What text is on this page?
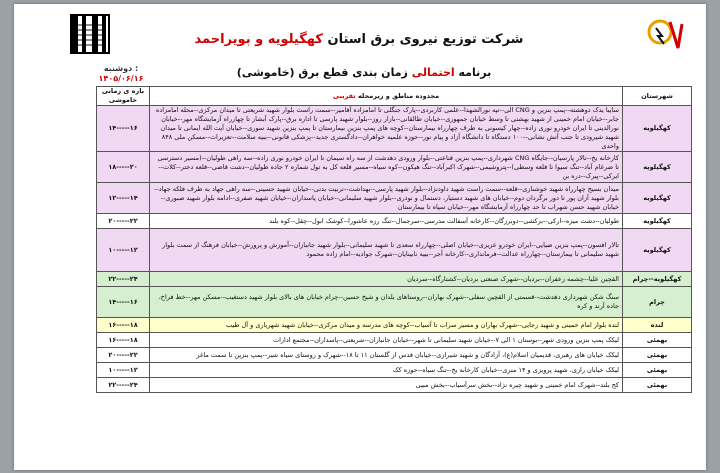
شرکت توزیع نیروی برق استان کهگیلویه و بویراحمد
برنامه احتمالی زمان بندی قطع برق (خاموشی)
دوشنبه :
۱۴۰۵/۰۶/۱۶
شهرستان	محدوده مناطق و زیرمحله تقریبی	بازه ی زمانی خاموشی
کهگیلویه	سایبا یدک دوهشته--پمپ بنزین و CNG الی--تپه نورالشهدا--علمی کاربردی--پارک جنگلی تا امامزاده آقامیر--سمت راست بلوار شهید شریعتی تا میدان مرکزی--محله امامزاده جابر--خیابان امام خمینی از شهید بهشتی تا وسط خیابان جمهوری--خیابان طالقانی--بازار روز--بلوار شهید پارسی تا اداره برق--پارک آبشار تا چهارراه آزمایشگاه مهر--خیابان نورالدینی تا ایران خودرو نوری زاده--چهار کیسونی به طرف چهارراه بیمارستان--کوچه های پمپ بنزین بیمارستان تا پمپ بنزین شهید سوری--خیابان آیت الله ایمانی تا میدان شهید شیرودی تا جنب آتش نشانی--۱۰۰ دستگاه تا دانشگاه آزاد و پیام نور--حوزه علمیه خواهران--دادگستری جدید--پزشکی قانونی--ببیه سلامت--تعزیرات--مسکن ملی ۸۴۸ واحدی	۱۴-----۱۶
کهگیلویه	کارخانه یخ--تالار پارسیان--جایگاه CNG شهرداری--پمپ بنزین قناعتی--بلوار ورودی دهدشت از سه راه سیمان تا ایران خودرو نوری زاده--سه راهی طولیان--(مسیر دسترسی تا ضرغام آباد--تنگ سیوا تا قلعه وسطی)--پتروشیمی--شهرک اکبرآباد--تنگ هیکون--کوه سیاه--مسیر قلعه کل به تول شماره ۲ جاده طولیان--دشت قاضی--قلعه دختر--کلات--ایرکی--پیرک--دره بن	۱۸-----۲۰
کهگیلویه	میدان بسیج چهارراه شهید خوشنازی--قلعه--سمت راست شهید داودنژاد--بلوار شهید پارسی--بهداشت--تربیت بدنی--خیابان شهید حسینی--سه راهی جهاد به طرف فلکه جهاد--بلوار شهید آزان پور تا دور برگردان دوم--خیابان های شهید دستیار، دستمال و نوذری--بلوار شهید سلیمانی--خیابان پاسداران--خیابان شهید صفری--ادامه بلوار شهید صبوری--خیابان شهید حسن شهراب تا حد چهارراه آزمایشگاه مهر--خیابان سپاه تا بیمارستان	۱۲-----۱۴
کهگیلویه	طولیان--دشت میزه--ارکی--برکشی--دوبرزگان--کارخانه آسفالت مدرسی--سرجمال--تنگ رزه عاشورا--کوشک ابول--چقل--کوه بلند	۲۰-----۲۲
کهگیلویه	تالار افسون--پمپ بنزین ضیایی--ایران خودرو عزیزی--خیابان اصلی--چهارراه سعدی تا شهید سلیمانی--بلوار شهید جانبازان--آموزش و پرورش--خیابان فرهنگ از سمت بلوار شهید سلیمانی تا بیمارستان--چهارراه عدالت--فرمانداری--کارخانه آجر--ببیه نابینایان--شهرک جوادیه--امام زاده محمود	۱۰-----۱۲
کهگیلویه--چرام	القچین علیا--چشمه زعفران--بردیان--شهرک صنعتی بردیان--کشتارگاه--سردیان	۲۲-----۲۴
چرام	سنگ شکن شهرداری دهدشت--قسمتی از القچین سفلی--شهرک بهاران--روستاهای بلدان و شیخ حسین--چرام خیابان های بالای بلوار شهید دستغیب--مسکن مهر--خط فراخ، جاده آرند و کره	۱۴-----۱۶
لنده	لنده بلوار امام خمینی و شهید رجایی--شهرک بهاران و مسیر سراب تا آسیاب--کوچه های مدرسه و میدان مرکزی--خیابان شهید شهریاری و آل طیب	۱۶-----۱۸
بهمئی	لیکک پمپ بنزین ورودی شهر--بوستان ۱ الی ۷--خیابان شهید سلیمانی تا شهر--خیابان جانبازان--شریعتی--پاسداران--مجتمع ادارات	۱۶-----۱۸
بهمئی	لیکک خیابان های رهبری، قدیمیان اسلام(ع)، آزادگان و شهید شیرازی--خیابان قدس از گلستان ۱۱ تا ۱۸--شهرک و روستای سیاه شیر--پمپ بنزین تا سمت ماغر	۲۰-----۲۲
بهمئی	لیکک خیابان رازی، شهید پرویزی و ۱۴ متری--خیابان کارخانه یخ--تنگ سیاه--حوزه کک	۱۰-----۱۲
بهمئی	کج بلند--شهرک امام خمینی و شهید چیره نژاد--بخش سرآسیاب--بخش مبیی	۲۲-----۲۴
